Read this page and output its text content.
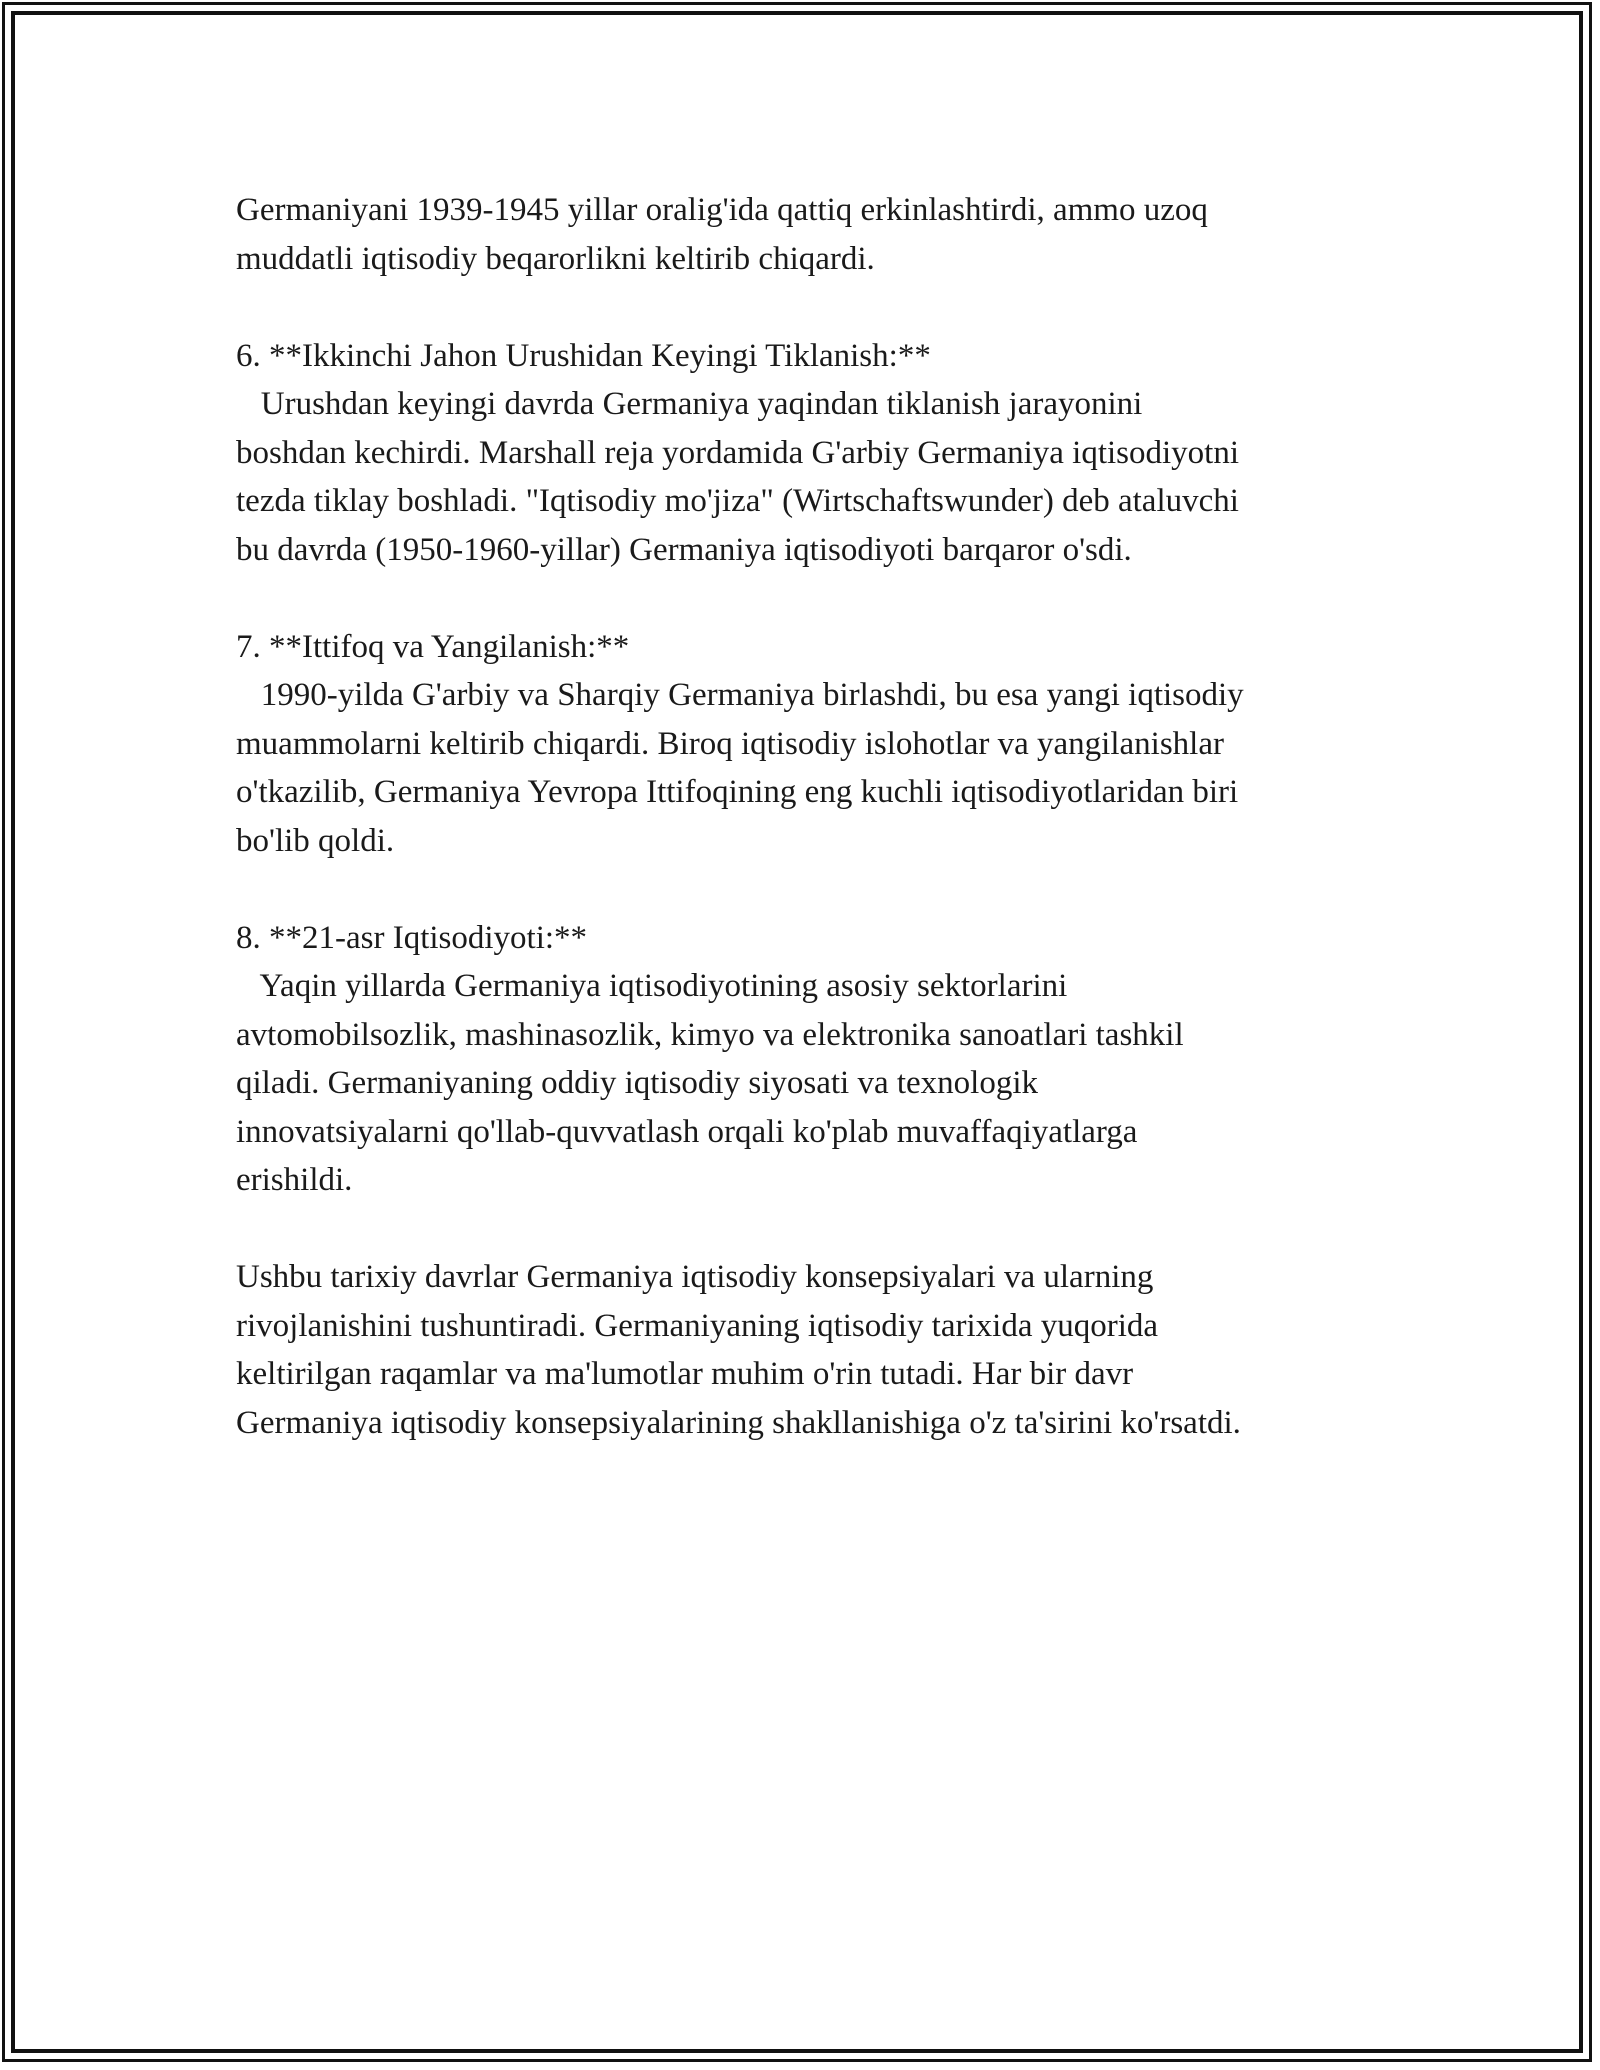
Germaniyani 1939-1945 yillar oralig'ida qattiq erkinlashtirdi, ammo uzoq
muddatli iqtisodiy beqarorlikni keltirib chiqardi.

6. **Ikkinchi Jahon Urushidan Keyingi Tiklanish:**
Urushdan keyingi davrda Germaniya yaqindan tiklanish jarayonini
boshdan kechirdi. Marshall reja yordamida G'arbiy Germaniya iqtisodiyotni
tezda tiklay boshladi. "Iqtisodiy mo'jiza" (Wirtschaftswunder) deb ataluvchi
bu davrda (1950-1960-yillar) Germaniya iqtisodiyoti barqaror o'sdi.

7. **Ittifoq va Yangilanish:**
1990-yilda G'arbiy va Sharqiy Germaniya birlashdi, bu esa yangi iqtisodiy
muammolarni keltirib chiqardi. Biroq iqtisodiy islohotlar va yangilanishlar
o'tkazilib, Germaniya Yevropa Ittifoqining eng kuchli iqtisodiyotlaridan biri
bo'lib qoldi.

8. **21-asr Iqtisodiyoti:**
Yaqin yillarda Germaniya iqtisodiyotining asosiy sektorlarini
avtomobilsozlik, mashinasozlik, kimyo va elektronika sanoatlari tashkil
qiladi. Germaniyaning oddiy iqtisodiy siyosati va texnologik
innovatsiyalarni qo'llab-quvvatlash orqali ko'plab muvaffaqiyatlarga
erishildi.

Ushbu tarixiy davrlar Germaniya iqtisodiy konsepsiyalari va ularning
rivojlanishini tushuntiradi. Germaniyaning iqtisodiy tarixida yuqorida
keltirilgan raqamlar va ma'lumotlar muhim o'rin tutadi. Har bir davr
Germaniya iqtisodiy konsepsiyalarining shakllanishiga o'z ta'sirini ko'rsatdi.
